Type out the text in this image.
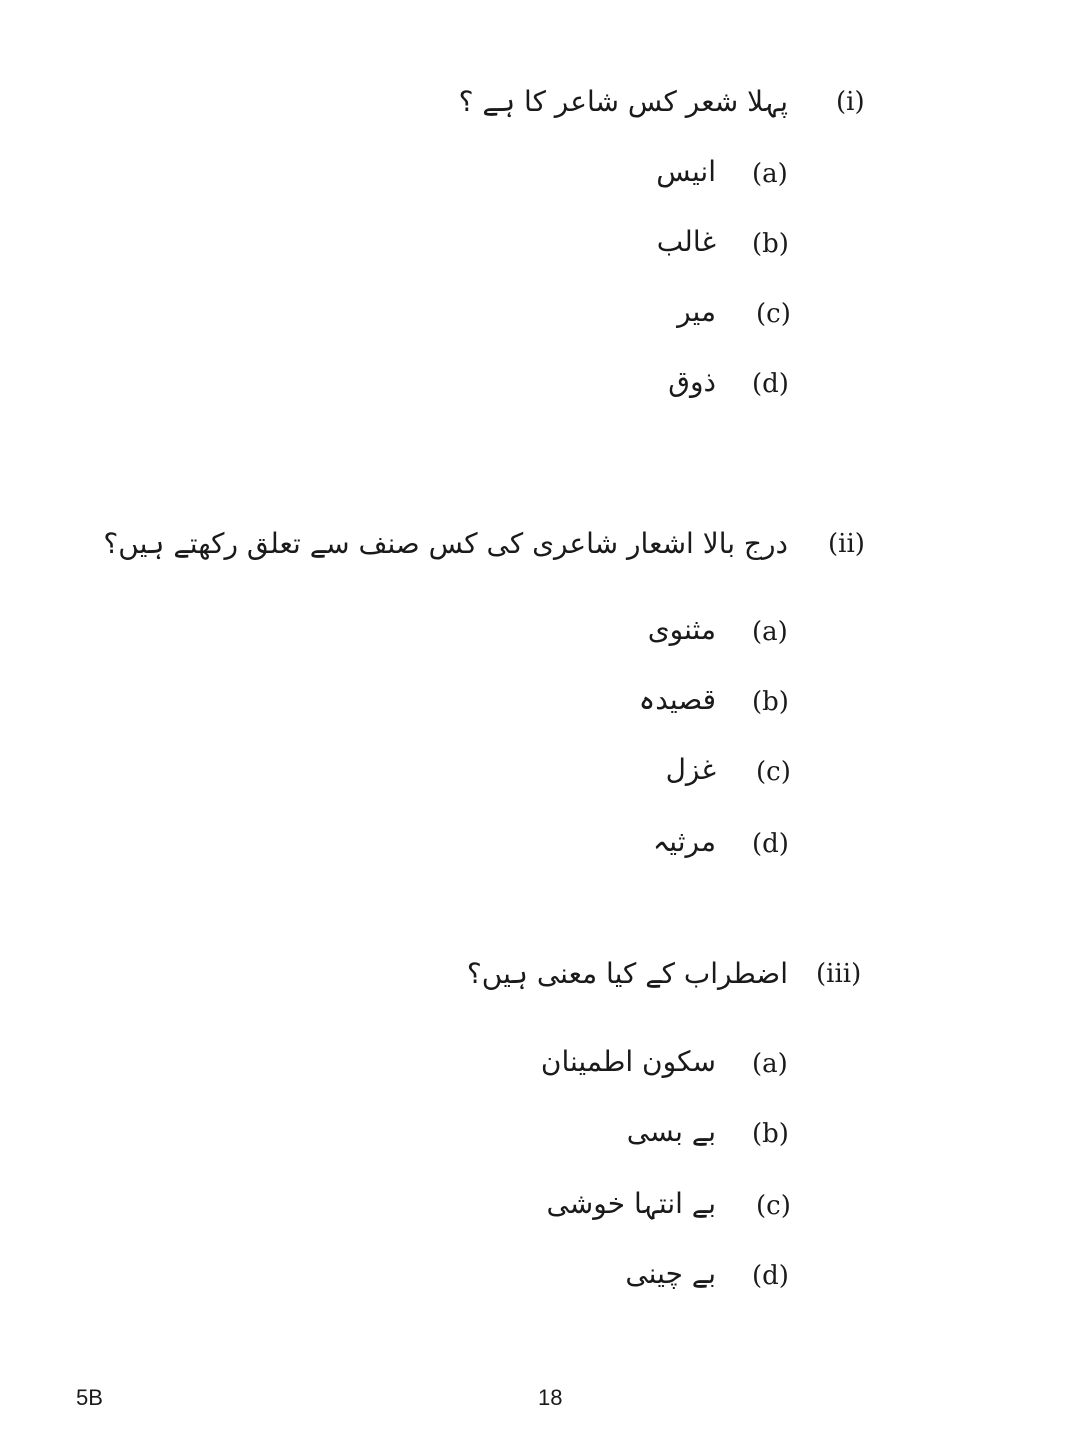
(i)
پہلا شعر کس شاعر کا ہے ؟
(a)
انیس
(b)
غالب
(c)
میر
(d)
ذوق
(ii)
درج بالا اشعار شاعری کی کس صنف سے تعلق رکھتے ہیں؟
(a)
مثنوی
(b)
قصیدہ
(c)
غزل
(d)
مرثیہ
(iii)
اضطراب کے کیا معنی ہیں؟
(a)
سکون اطمینان
(b)
بے بسی
(c)
بے انتہا خوشی
(d)
بے چینی
5B	18
